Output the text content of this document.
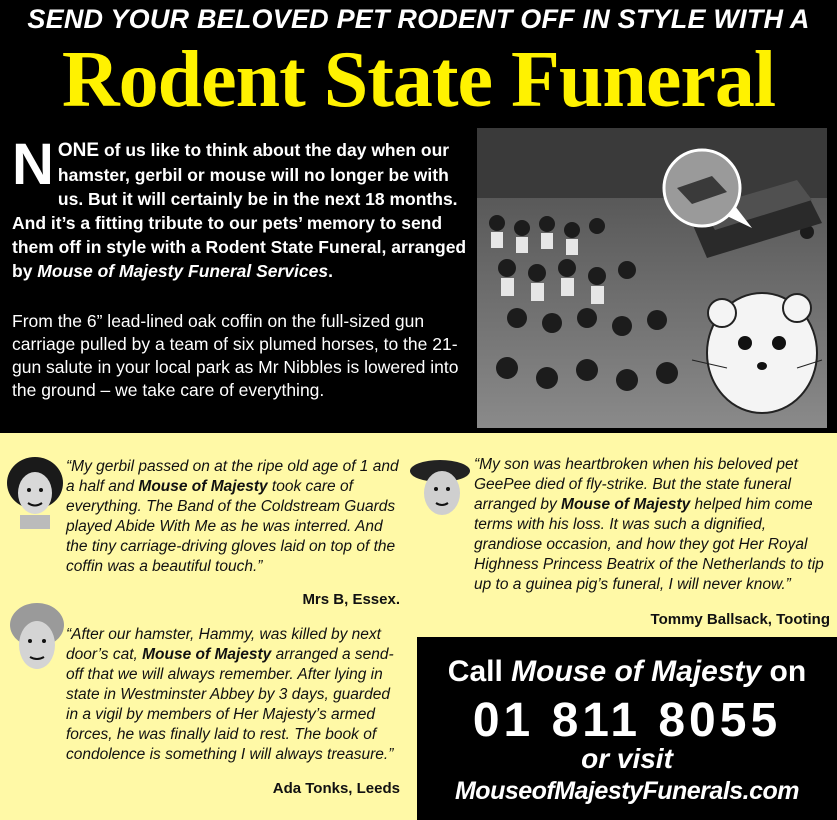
SEND YOUR BELOVED PET RODENT OFF IN STYLE WITH A
Rodent State Funeral
NONE of us like to think about the day when our hamster, gerbil or mouse will no longer be with us. But it will certainly be in the next 18 months. And it’s a fitting tribute to our pets’ memory to send them off in style with a Rodent State Funeral, arranged by Mouse of Majesty Funeral Services.
From the 6” lead-lined oak coffin on the full-sized gun carriage pulled by a team of six plumed horses, to the 21-gun salute in your local park as Mr Nibbles is lowered into the ground – we take care of everything.
“My gerbil passed on at the ripe old age of 1 and a half and Mouse of Majesty took care of everything. The Band of the Coldstream Guards played Abide With Me as he was interred. And the tiny carriage-driving gloves laid on top of the coffin was a beautiful touch.”
Mrs B, Essex.
“My son was heartbroken when his beloved pet GeePee died of fly-strike. But the state funeral arranged by Mouse of Majesty helped him come terms with his loss. It was such a dignified, grandiose occasion, and how they got Her Royal Highness Princess Beatrix of the Netherlands to tip up to a guinea pig’s funeral, I will never know.”
Tommy Ballsack, Tooting
“After our hamster, Hammy, was killed by next door’s cat, Mouse of Majesty arranged a send-off that we will always remember. After lying in state in Westminster Abbey by 3 days, guarded in a vigil by members of Her Majesty’s armed forces, he was finally laid to rest. The book of condolence is something I will always treasure.”
Ada Tonks, Leeds
Call Mouse of Majesty on
01 811 8055
or visit
MouseofMajestyFunerals.com
